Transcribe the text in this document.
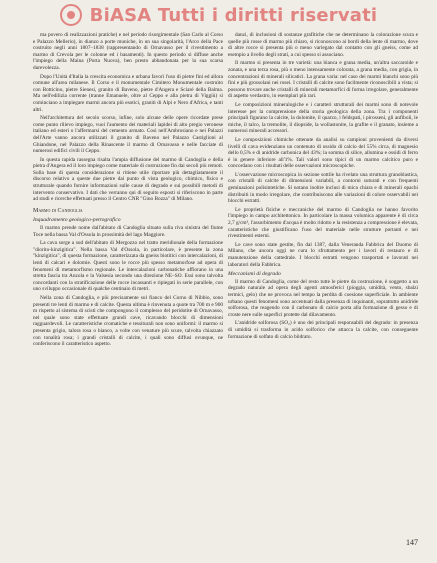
BiASA Tutti i diritti riservati

ma povero di realizzazioni pratiche) e nel periodo risorgimentale (San Carlo al Corso e Palazzo Mellerio), in dianzo a porte muniche, in un sua singolarità, l'Arco della Pace costruito negli anni 1807–1838 (rappresentando di Ornavasso per il rivestimento a marmo di Crevola per le colonne ed i basamenti). In questo periodo si diffuse anche l'impiego della Maina (Porta Nuova), ben presto abbandonata per la sua scarsa durevolezza.

Dopo l'Unità d'Italia la crescita economica e urbana favorì l'uso di pietre fini ed allora comune all'area milanese. Il Corso e il monumentale Cimitero Monumentale costruito con Botticino, pietre Sienesi, granito di Baveno, pietre d'Angera e Sciaré della Balma. Ma nell'edilizia corrente (tranne Emanuele, oltre al Ceppo e alla pietra di Viggiù) si cominciano a impiegare marmi ancora più esotici, graniti di Alpi e Nero d'Africa, e tanti altri.

Nell'architettura del secolo scorso, infine, solo alcune delle opere ricordate prese come punto rilievo impiego, vuoi l'aumento dei materiali lapidei di alto pregio veronese italiano ed esteri o l'affermarsi del cemento armato. Così nell'Ambrosiano e nei Palazzi dell'Arte vanno ancora utilizzati il granito di Baveno nel Palazzo Castiglioni al Ghiandone, nel Palazzo della Rinascente il marmo di Ornavasso e nelle facciate di numerosi edifici civili il Ceppo.

In questa rapida rassegna risalta l'ampia diffusione del marmo di Candoglia e della pietra d'Angera ed il loro impiego come materiale di costruzione fin dai secoli più remoti. Sulla base di questa considerazione si ritiene utile riportare più dettagliatamente il discorso relativo a queste due pietre dai punto di vista geologico, chimico, fisico e strutturale quando fornire informazioni sulle cause di degrado e sui possibili metodi di intervento conservativo. I dati che verranno qui di seguito esposti si riferiscono in parte ad studi e ricerche effettuati presso il Centro CNR "Gino Bozza" di Milano.

Marmo di Candoglia
Inquadramento geologico-petrografico

Il marmo prende nome dall'abitato di Candoglia situato sulla riva sinistra del fiume Toce nella bassa Val d'Ossola in prossimità del lago Maggiore.

La cava sorge a sud dell'abitato di Mergozzo nel tratto meridionale della formazione "diorito-kinzigitica". Nella bassa Val d'Ossola, in particolare, è presente la zona "kinzigitica", di questa formazione, caratterizzata da gneiss biotitici con intercalazioni, di lenti di calcari e dolomie. Questi sono le rocce più spesso metamorfose ad opera di fenomeni di metamorfismo regionale. Le intercalazioni carbonatiche affiorano in una stretta fascia tra Anzola e la Valsesia secondo una direzione NE–SO. Essi sono talvolta concordanti con la stratificazione delle rocce incassanti e ripiegati in serie parallele, con uno sviluppo occasionale di qualche centinaio di metri.

Nella zona di Candoglia, e più precisamente sul fianco del Corno di Nibbio, sono presenti tre lenti di marmo e di calcite. Questa ultima è rinvenuta a quote tra 700 m e 900 m rispetto al sistema di scisti che compongono il complesso del peridotite di Ornavasso, nel quale sono state effettuate grandi cave, ricavando blocchi di dimensioni ragguardevoli. Le caratteristiche cromatiche e tessiturali non sono uniformi: il marmo si presenta grigio, talora rosa o bianco, a volte con venature più scure, talvolta chiazzato con tonalità rosa; i grandi cristalli di calcite, i quali sono diffusi ovunque, ne conferiscono il caratteristico aspetto.

danzi, di inclusioni di sostanze grafitiche che ne determinano la colorazione scura e quelle più rosse di marmo più chiaro, si riconoscono ai bordi della lente di marmo, dove di altre rocce si presenta più o meno variegato dal contatto con gli gneiss, come ad esempio a livello degli strati, a cui spesso si associano.

Il marmo si presenta in tre varietà: una bianca e grana media, un'altra saccaroide e zonata, e una terza rosa, più o meno intensamente colorata, a grana media, con grigia, in concentrazioni di minerali silicatici. La grana varia: nel caso dei marmi bianchi sono più fini e più grossolani nei rosei. I cristalli di calcite sono facilmente riconoscibili a vista; si possono trovare anche cristalli di minerali metamorfici di forma irregolare, generalmente di aspetto verdastro, in esemplari più rari.

Le composizioni mineralogiche e i caratteri strutturali dei marmi sono di notevole interesse per la comprensione della storia geologica della zona. Tra i componenti principali figurano la calcite, la dolomite, il quarzo, i feldspati, i pirosseni, gli anfiboli, le miche, il talco, la tremolite, il diopside, la wollastonite, la grafite e il granato, insieme a numerosi minerali accessori.

Le composizioni chimiche ottenute da analisi su campioni provenienti da diversi livelli di cava evidenziano un contenuto di ossido di calcio del 55% circa, di magnesio dello 0,5% e di anidride carbonica del 43%; la somma di silice, allumina e ossidi di ferro è in genere inferiore all'1%. Tali valori sono tipici di un marmo calcitico puro e concordano con i risultati delle osservazioni microscopiche.

L'osservazione microscopica in sezione sottile ha rivelato una struttura granoblastica, con cristalli di calcite di dimensioni variabili, a contorni suturati e con frequenti geminazioni polisintetiche. Si notano inoltre inclusi di mica chiara e di minerali opachi distribuiti in modo irregolare, che contribuiscono alle variazioni di colore osservabili nei blocchi estratti.

Le proprietà fisiche e meccaniche del marmo di Candoglia ne hanno favorito l'impiego in campo architettonico. In particolare la massa volumica apparente è di circa 2,7 g/cm³, l'assorbimento d'acqua è molto ridotto e la resistenza a compressione è elevata, caratteristiche che giustificano l'uso del materiale nelle strutture portanti e nei rivestimenti esterni.

Le cave sono state gestite, fin dal 1387, dalla Veneranda Fabbrica del Duomo di Milano, che ancora oggi ne cura lo sfruttamento per i lavori di restauro e di manutenzione della cattedrale. I blocchi estratti vengono trasportati e lavorati nei laboratori della Fabbrica.

Meccanismi di degrado

Il marmo di Candoglia, come del resto tutte le pietre da costruzione, è soggetto a un degrado naturale ad opera degli agenti atmosferici (pioggia, umidità, vento, sbalzi termici, gelo) che ne provoca nel tempo la perdita di coesione superficiale. In ambiente urbano questi fenomeni sono accentuati dalla presenza di inquinanti, soprattutto anidride solforosa, che reagendo con il carbonato di calcio porta alla formazione di gesso e di croste nere sulle superfici protette dal dilavamento.

L'anidride solforosa (SO₂) è uno dei principali responsabili del degrado: in presenza di umidità si trasforma in acido solforico che attacca la calcite, con conseguente formazione di solfato di calcio biidrato.

147
